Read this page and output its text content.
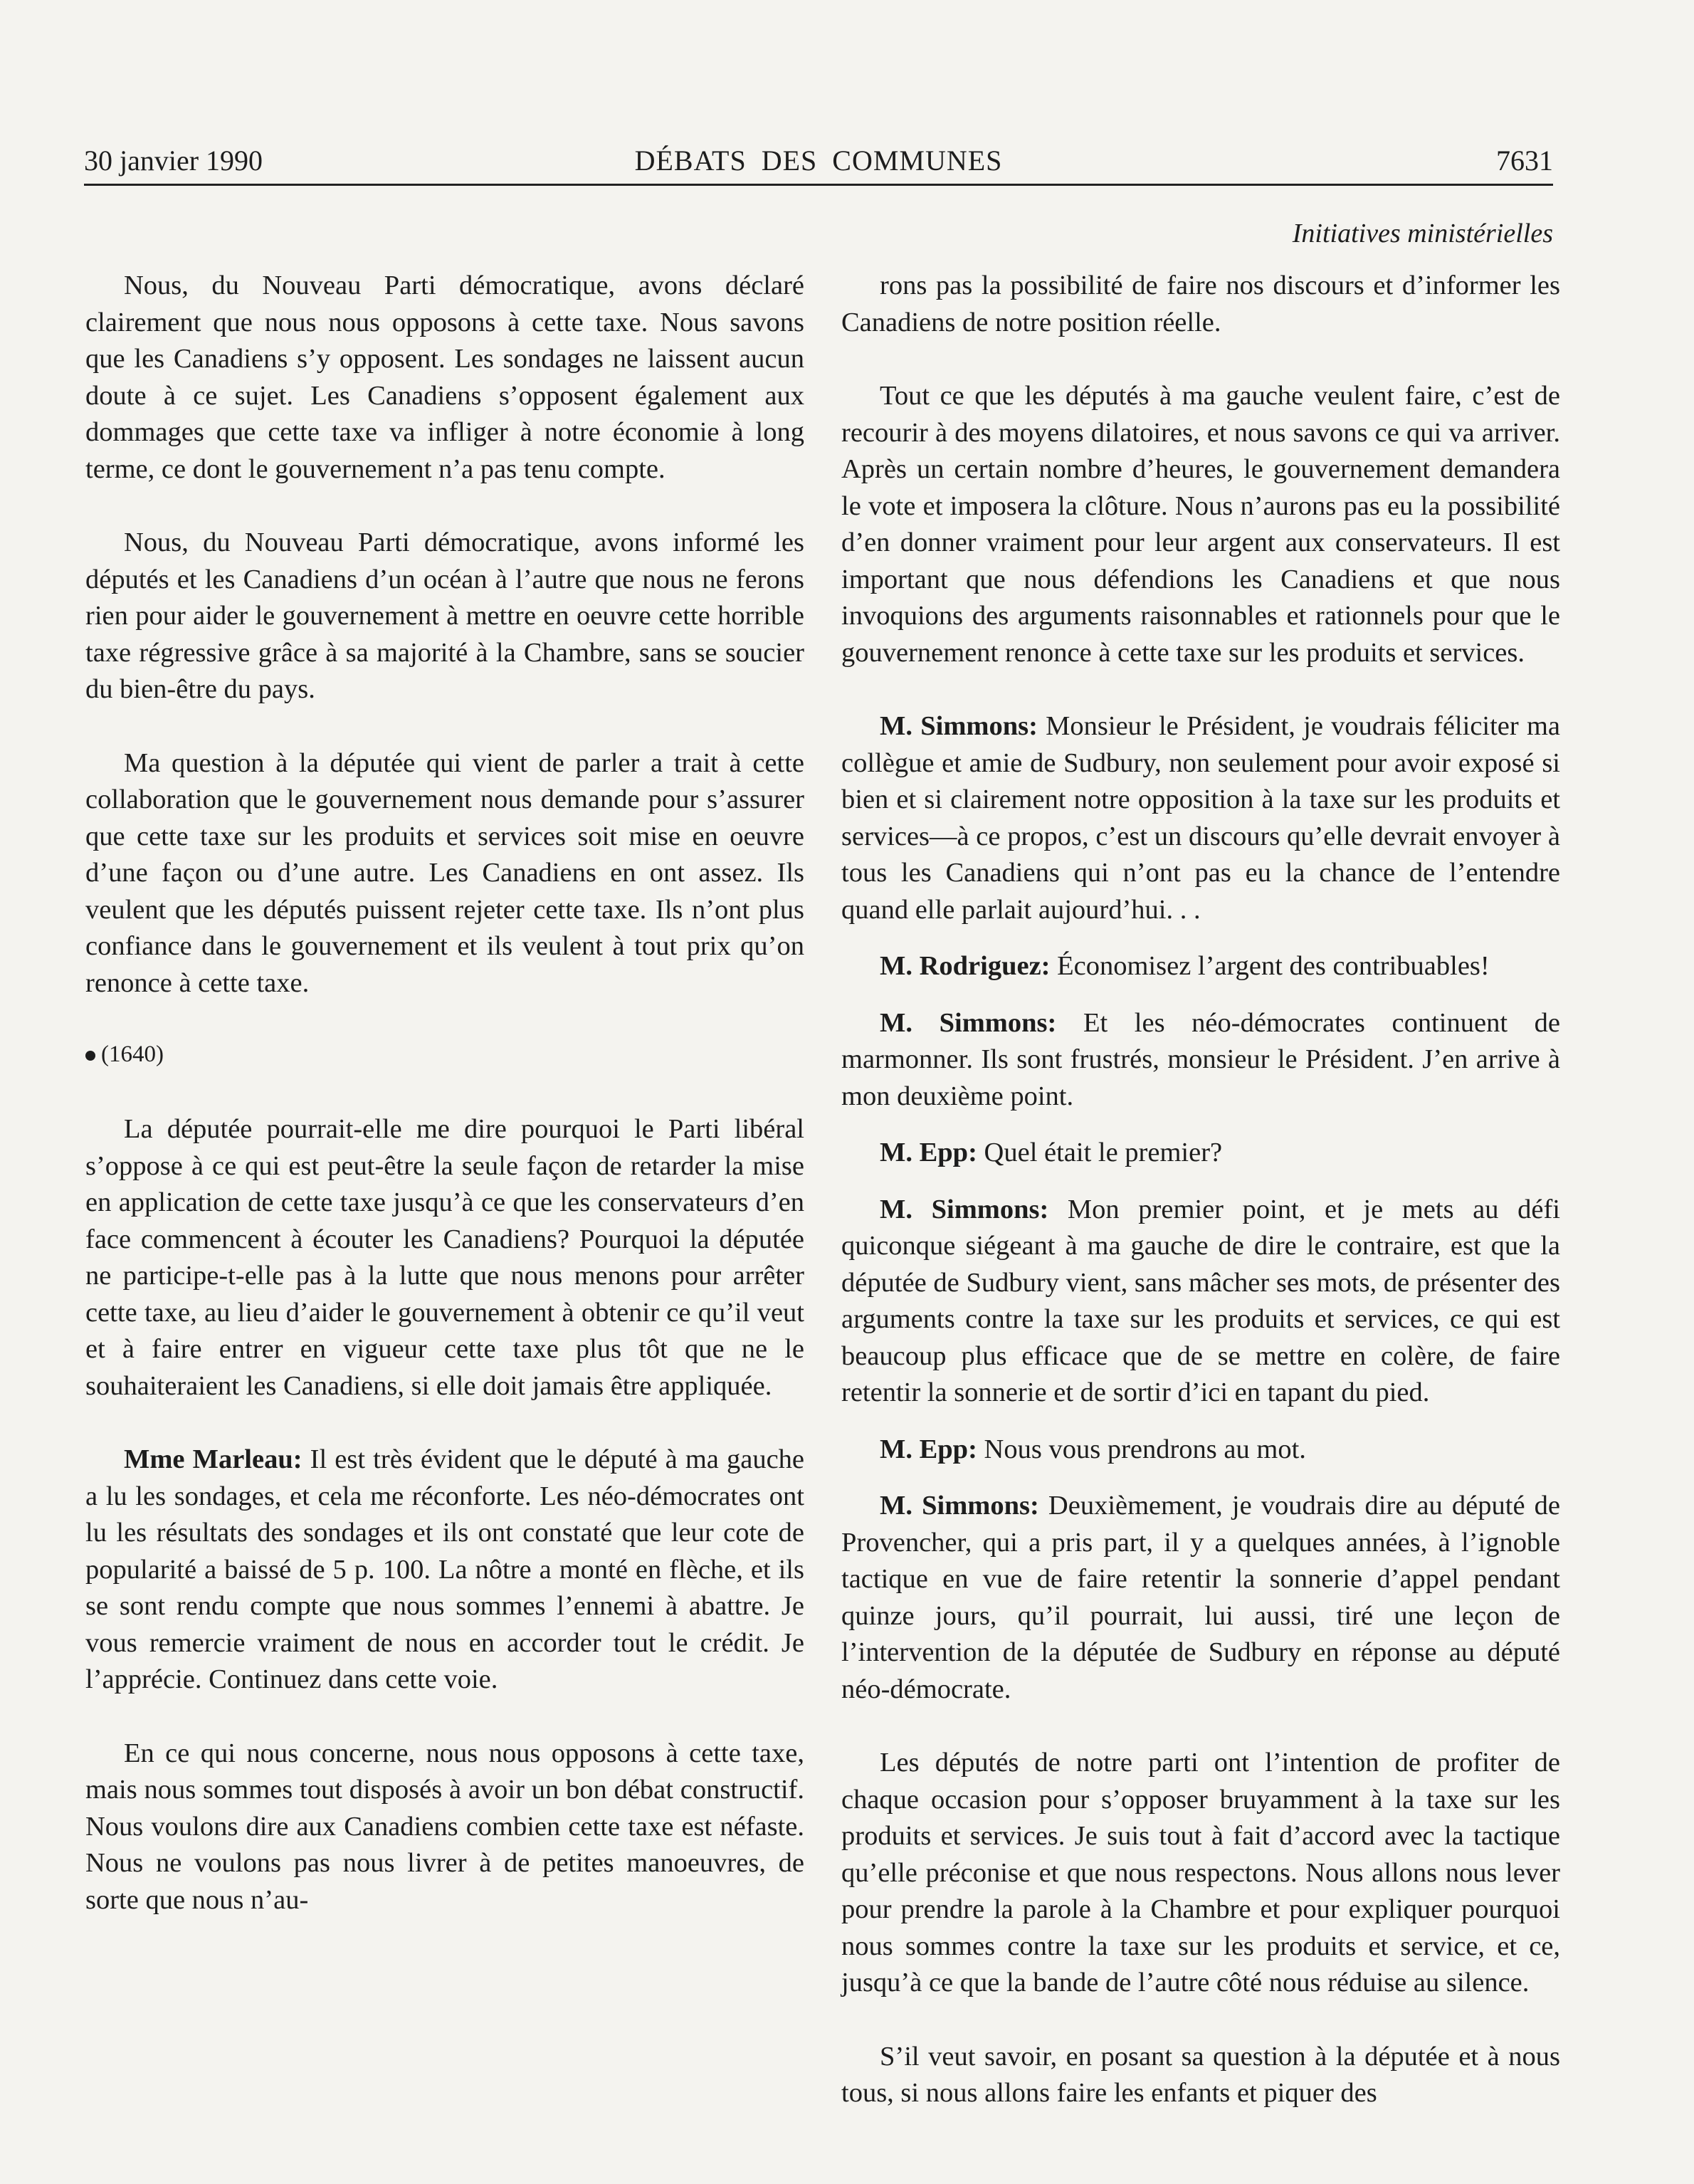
30 janvier 1990	DÉBATS DES COMMUNES	7631
Initiatives ministérielles

Nous, du Nouveau Parti démocratique, avons déclaré clairement que nous nous opposons à cette taxe. Nous savons que les Canadiens s’y opposent. Les sondages ne laissent aucun doute à ce sujet. Les Canadiens s’opposent également aux dommages que cette taxe va infliger à notre économie à long terme, ce dont le gouvernement n’a pas tenu compte.

Nous, du Nouveau Parti démocratique, avons informé les députés et les Canadiens d’un océan à l’autre que nous ne ferons rien pour aider le gouvernement à mettre en oeuvre cette horrible taxe régressive grâce à sa majorité à la Chambre, sans se soucier du bien-être du pays.

Ma question à la députée qui vient de parler a trait à cette collaboration que le gouvernement nous demande pour s’assurer que cette taxe sur les produits et services soit mise en oeuvre d’une façon ou d’une autre. Les Canadiens en ont assez. Ils veulent que les députés puissent rejeter cette taxe. Ils n’ont plus confiance dans le gouvernement et ils veulent à tout prix qu’on renonce à cette taxe.

(1640)

La députée pourrait-elle me dire pourquoi le Parti libéral s’oppose à ce qui est peut-être la seule façon de retarder la mise en application de cette taxe jusqu’à ce que les conservateurs d’en face commencent à écouter les Canadiens? Pourquoi la députée ne participe-t-elle pas à la lutte que nous menons pour arrêter cette taxe, au lieu d’aider le gouvernement à obtenir ce qu’il veut et à faire entrer en vigueur cette taxe plus tôt que ne le souhaiteraient les Canadiens, si elle doit jamais être appliquée.

Mme Marleau: Il est très évident que le député à ma gauche a lu les sondages, et cela me réconforte. Les néo-démocrates ont lu les résultats des sondages et ils ont constaté que leur cote de popularité a baissé de 5 p. 100. La nôtre a monté en flèche, et ils se sont rendu compte que nous sommes l’ennemi à abattre. Je vous remercie vraiment de nous en accorder tout le crédit. Je l’apprécie. Continuez dans cette voie.

En ce qui nous concerne, nous nous opposons à cette taxe, mais nous sommes tout disposés à avoir un bon débat constructif. Nous voulons dire aux Canadiens combien cette taxe est néfaste. Nous ne voulons pas nous livrer à de petites manoeuvres, de sorte que nous n’au-

rons pas la possibilité de faire nos discours et d’informer les Canadiens de notre position réelle.

Tout ce que les députés à ma gauche veulent faire, c’est de recourir à des moyens dilatoires, et nous savons ce qui va arriver. Après un certain nombre d’heures, le gouvernement demandera le vote et imposera la clôture. Nous n’aurons pas eu la possibilité d’en donner vraiment pour leur argent aux conservateurs. Il est important que nous défendions les Canadiens et que nous invoquions des arguments raisonnables et rationnels pour que le gouvernement renonce à cette taxe sur les produits et services.

M. Simmons: Monsieur le Président, je voudrais féliciter ma collègue et amie de Sudbury, non seulement pour avoir exposé si bien et si clairement notre opposition à la taxe sur les produits et services—à ce propos, c’est un discours qu’elle devrait envoyer à tous les Canadiens qui n’ont pas eu la chance de l’entendre quand elle parlait aujourd’hui. . .

M. Rodriguez: Économisez l’argent des contribuables!

M. Simmons: Et les néo-démocrates continuent de marmonner. Ils sont frustrés, monsieur le Président. J’en arrive à mon deuxième point.

M. Epp: Quel était le premier?

M. Simmons: Mon premier point, et je mets au défi quiconque siégeant à ma gauche de dire le contraire, est que la députée de Sudbury vient, sans mâcher ses mots, de présenter des arguments contre la taxe sur les produits et services, ce qui est beaucoup plus efficace que de se mettre en colère, de faire retentir la sonnerie et de sortir d’ici en tapant du pied.

M. Epp: Nous vous prendrons au mot.

M. Simmons: Deuxièmement, je voudrais dire au député de Provencher, qui a pris part, il y a quelques années, à l’ignoble tactique en vue de faire retentir la sonnerie d’appel pendant quinze jours, qu’il pourrait, lui aussi, tiré une leçon de l’intervention de la députée de Sudbury en réponse au député néo-démocrate.

Les députés de notre parti ont l’intention de profiter de chaque occasion pour s’opposer bruyamment à la taxe sur les produits et services. Je suis tout à fait d’accord avec la tactique qu’elle préconise et que nous respectons. Nous allons nous lever pour prendre la parole à la Chambre et pour expliquer pourquoi nous sommes contre la taxe sur les produits et service, et ce, jusqu’à ce que la bande de l’autre côté nous réduise au silence.

S’il veut savoir, en posant sa question à la députée et à nous tous, si nous allons faire les enfants et piquer des
